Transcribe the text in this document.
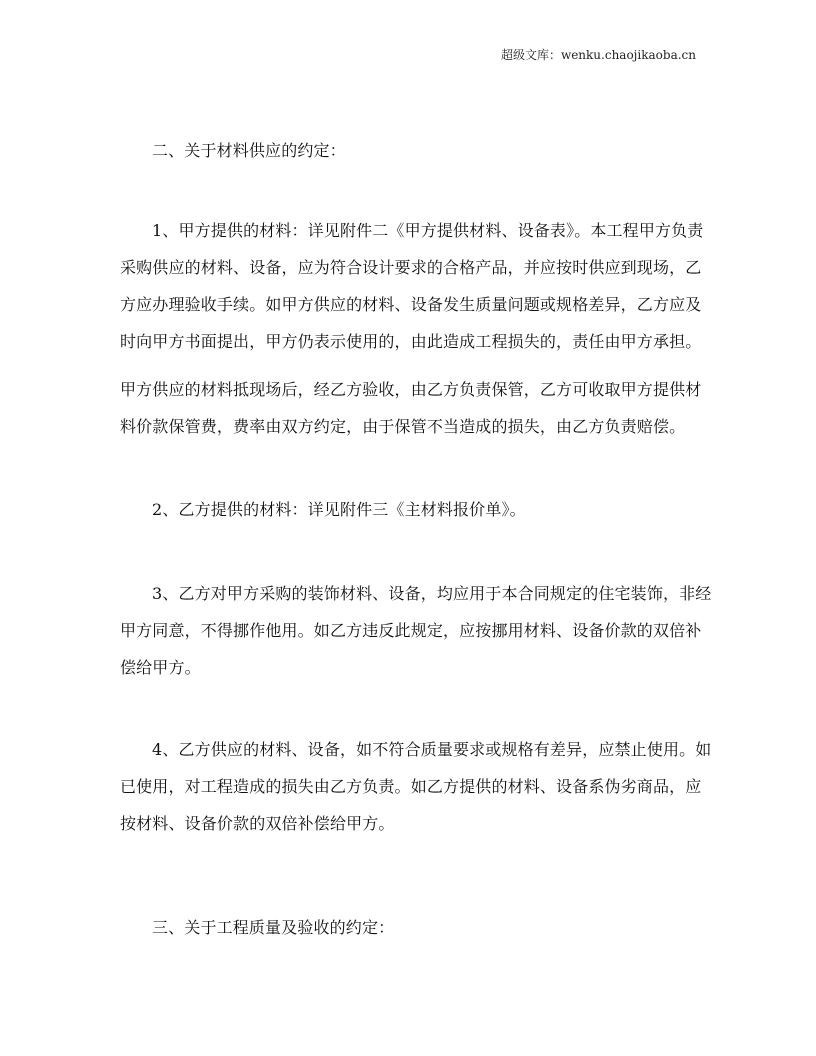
超级文库：wenku.chaojikaoba.cn
二、关于材料供应的约定：
1、甲方提供的材料：详见附件二《甲方提供材料、设备表》。本工程甲方负责
采购供应的材料、设备，应为符合设计要求的合格产品，并应按时供应到现场，乙
方应办理验收手续。如甲方供应的材料、设备发生质量问题或规格差异，乙方应及
时向甲方书面提出，甲方仍表示使用的，由此造成工程损失的，责任由甲方承担。
甲方供应的材料抵现场后，经乙方验收，由乙方负责保管，乙方可收取甲方提供材
料价款保管费，费率由双方约定，由于保管不当造成的损失，由乙方负责赔偿。
2、乙方提供的材料：详见附件三《主材料报价单》。
3、乙方对甲方采购的装饰材料、设备，均应用于本合同规定的住宅装饰，非经
甲方同意，不得挪作他用。如乙方违反此规定，应按挪用材料、设备价款的双倍补
偿给甲方。
4、乙方供应的材料、设备，如不符合质量要求或规格有差异，应禁止使用。如
已使用，对工程造成的损失由乙方负责。如乙方提供的材料、设备系伪劣商品，应
按材料、设备价款的双倍补偿给甲方。
三、关于工程质量及验收的约定：
